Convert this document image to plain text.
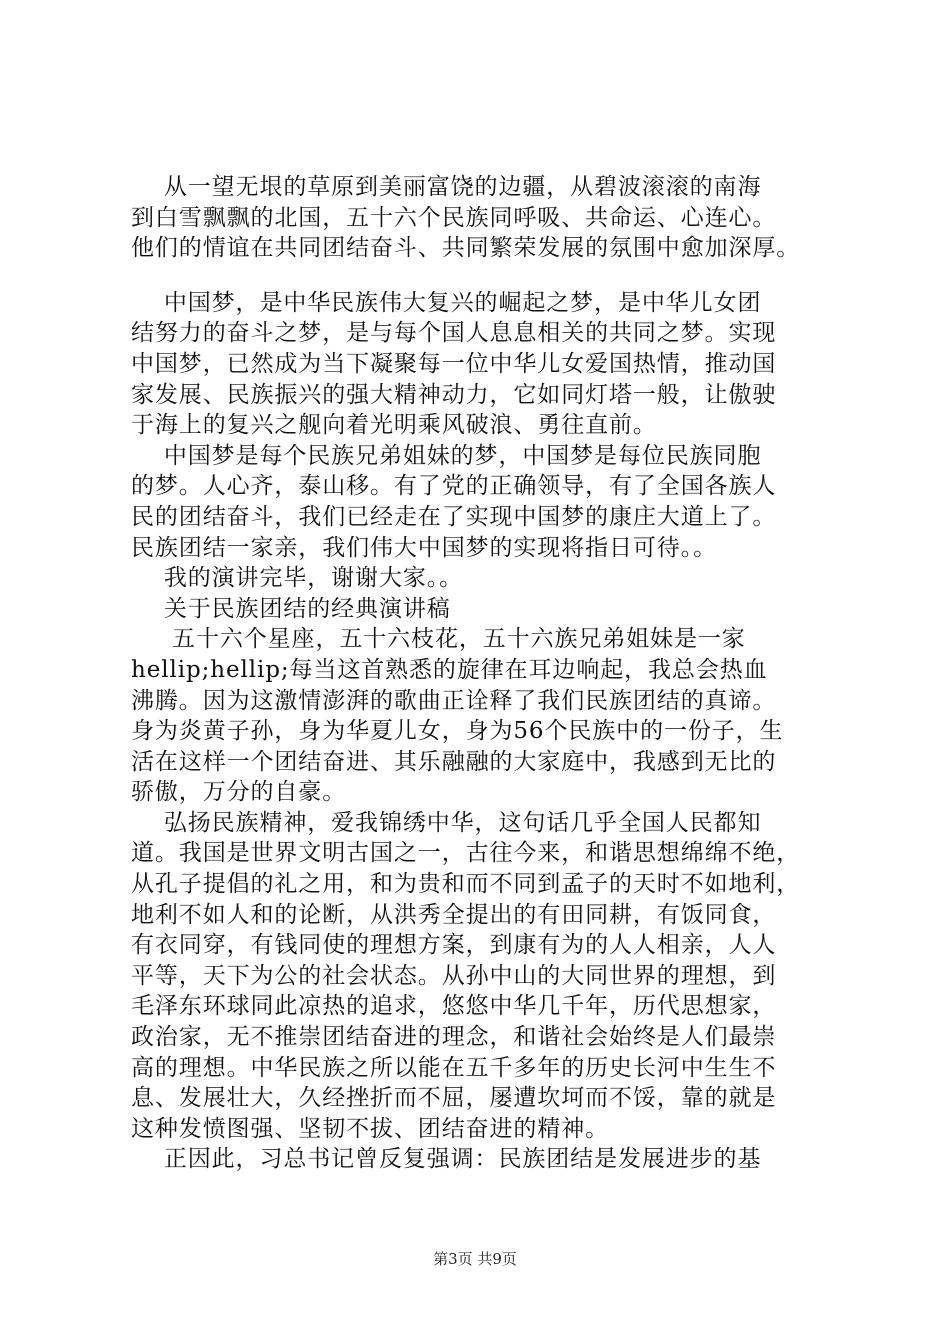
从一望无垠的草原到美丽富饶的边疆，从碧波滚滚的南海
到白雪飘飘的北国，五十六个民族同呼吸、共命运、心连心。
他们的情谊在共同团结奋斗、共同繁荣发展的氛围中愈加深厚。
中国梦，是中华民族伟大复兴的崛起之梦，是中华儿女团
结努力的奋斗之梦，是与每个国人息息相关的共同之梦。实现
中国梦，已然成为当下凝聚每一位中华儿女爱国热情，推动国
家发展、民族振兴的强大精神动力，它如同灯塔一般，让傲驶
于海上的复兴之舰向着光明乘风破浪、勇往直前。
中国梦是每个民族兄弟姐妹的梦，中国梦是每位民族同胞
的梦。人心齐，泰山移。有了党的正确领导，有了全国各族人
民的团结奋斗，我们已经走在了实现中国梦的康庄大道上了。
民族团结一家亲，我们伟大中国梦的实现将指日可待。。
我的演讲完毕，谢谢大家。。
关于民族团结的经典演讲稿
五十六个星座，五十六枝花，五十六族兄弟姐妹是一家
hellip;hellip;每当这首熟悉的旋律在耳边响起，我总会热血
沸腾。因为这激情澎湃的歌曲正诠释了我们民族团结的真谛。
身为炎黄子孙，身为华夏儿女，身为56个民族中的一份子，生
活在这样一个团结奋进、其乐融融的大家庭中，我感到无比的
骄傲，万分的自豪。
弘扬民族精神，爱我锦绣中华，这句话几乎全国人民都知
道。我国是世界文明古国之一，古往今来，和谐思想绵绵不绝，
从孔子提倡的礼之用，和为贵和而不同到孟子的天时不如地利，
地利不如人和的论断，从洪秀全提出的有田同耕，有饭同食，
有衣同穿，有钱同使的理想方案，到康有为的人人相亲，人人
平等，天下为公的社会状态。从孙中山的大同世界的理想，到
毛泽东环球同此凉热的追求，悠悠中华几千年，历代思想家，
政治家，无不推崇团结奋进的理念，和谐社会始终是人们最崇
高的理想。中华民族之所以能在五千多年的历史长河中生生不
息、发展壮大，久经挫折而不屈，屡遭坎坷而不馁，靠的就是
这种发愤图强、坚韧不拔、团结奋进的精神。
正因此，习总书记曾反复强调：民族团结是发展进步的基
第3页 共9页
